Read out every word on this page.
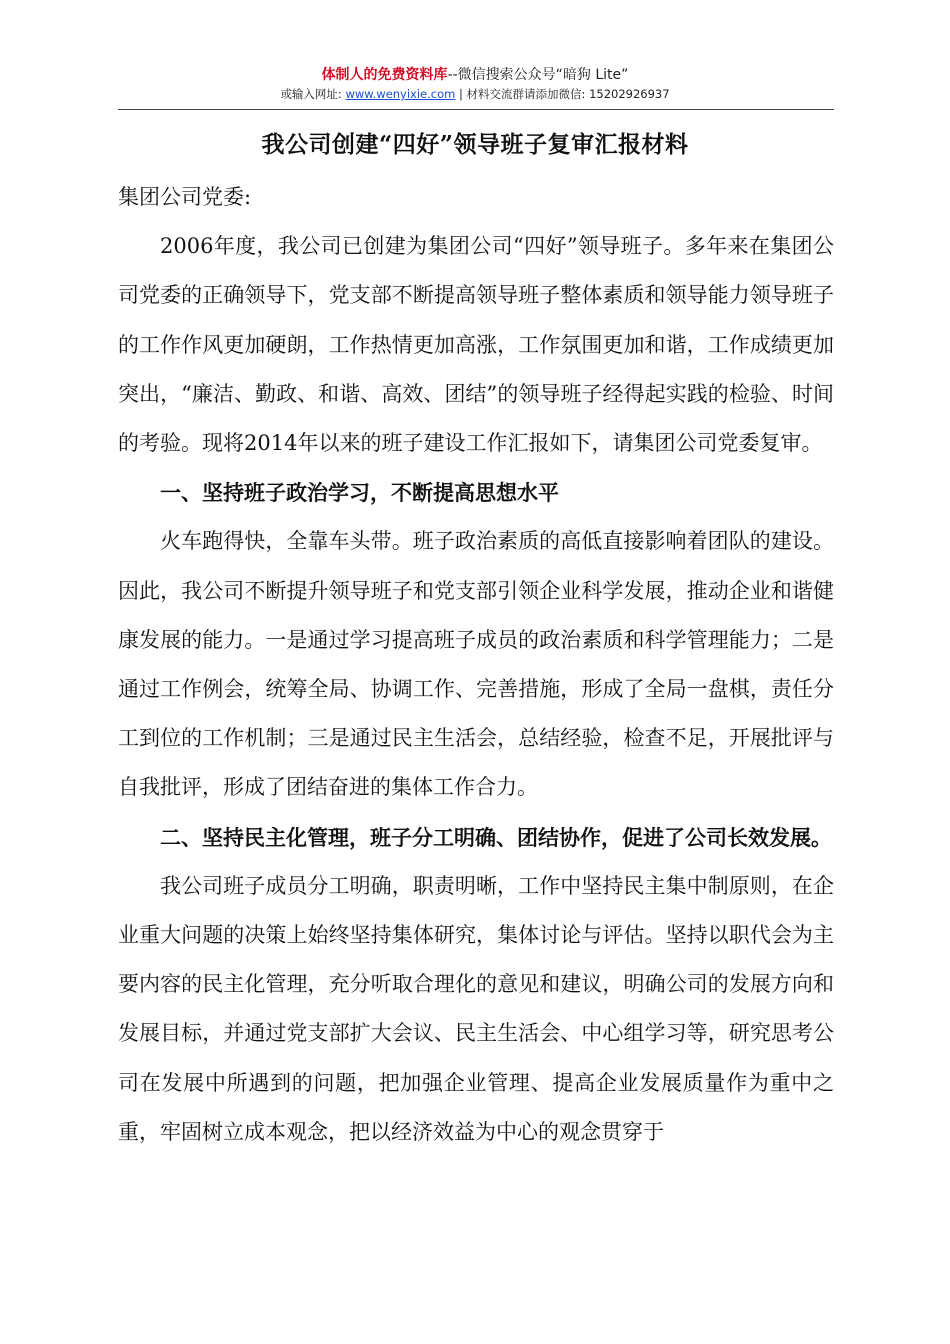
体制人的免费资料库--微信搜索公众号“暗狗 Lite”
或输入网址: www.wenyixie.com | 材料交流群请添加微信: 15202926937
我公司创建“四好”领导班子复审汇报材料

集团公司党委:

2006年度，我公司已创建为集团公司“四好”领导班子。多年来在集团公司党委的正确领导下，党支部不断提高领导班子整体素质和领导能力领导班子的工作作风更加硬朗，工作热情更加高涨，工作氛围更加和谐，工作成绩更加突出，“廉洁、勤政、和谐、高效、团结”的领导班子经得起实践的检验、时间的考验。现将2014年以来的班子建设工作汇报如下，请集团公司党委复审。

一、坚持班子政治学习，不断提高思想水平

火车跑得快，全靠车头带。班子政治素质的高低直接影响着团队的建设。因此，我公司不断提升领导班子和党支部引领企业科学发展，推动企业和谐健康发展的能力。一是通过学习提高班子成员的政治素质和科学管理能力；二是通过工作例会，统筹全局、协调工作、完善措施，形成了全局一盘棋，责任分工到位的工作机制；三是通过民主生活会，总结经验，检查不足，开展批评与自我批评，形成了团结奋进的集体工作合力。

二、坚持民主化管理，班子分工明确、团结协作，促进了公司长效发展。

我公司班子成员分工明确，职责明晰，工作中坚持民主集中制原则，在企业重大问题的决策上始终坚持集体研究，集体讨论与评估。坚持以职代会为主要内容的民主化管理，充分听取合理化的意见和建议，明确公司的发展方向和发展目标，并通过党支部扩大会议、民主生活会、中心组学习等，研究思考公司在发展中所遇到的问题，把加强企业管理、提高企业发展质量作为重中之重，牢固树立成本观念，把以经济效益为中心的观念贯穿于
